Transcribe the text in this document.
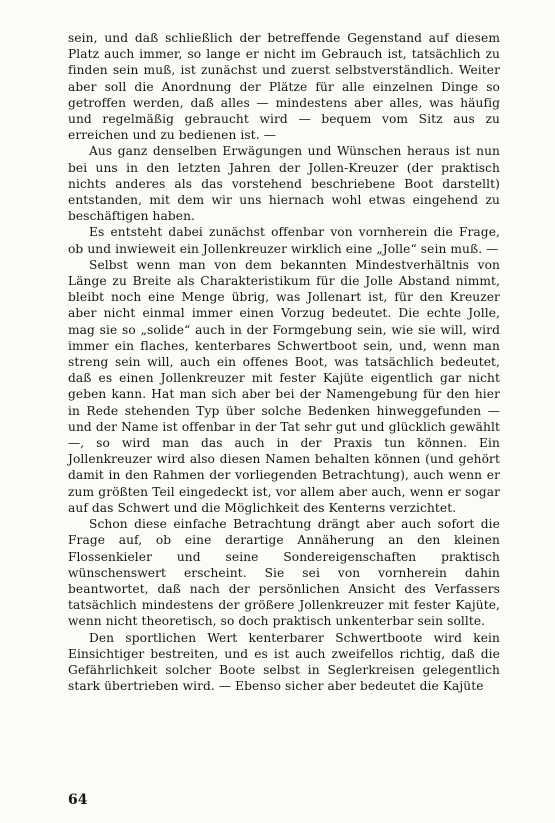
sein, und daß schließlich der betreffende Gegenstand auf diesem Platz auch immer, so lange er nicht im Gebrauch ist, tatsächlich zu finden sein muß, ist zunächst und zuerst selbstverständlich. Weiter aber soll die Anordnung der Plätze für alle einzelnen Dinge so getroffen werden, daß alles — mindestens aber alles, was häufig und regelmäßig gebraucht wird — bequem vom Sitz aus zu erreichen und zu bedienen ist. —

Aus ganz denselben Erwägungen und Wünschen heraus ist nun bei uns in den letzten Jahren der Jollen-Kreuzer (der praktisch nichts anderes als das vorstehend beschriebene Boot darstellt) entstanden, mit dem wir uns hiernach wohl etwas eingehend zu beschäftigen haben.

Es entsteht dabei zunächst offenbar von vornherein die Frage, ob und inwieweit ein Jollenkreuzer wirklich eine „Jolle“ sein muß. —

Selbst wenn man von dem bekannten Mindestverhältnis von Länge zu Breite als Charakteristikum für die Jolle Abstand nimmt, bleibt noch eine Menge übrig, was Jollenart ist, für den Kreuzer aber nicht einmal immer einen Vorzug bedeutet. Die echte Jolle, mag sie so „solide“ auch in der Formgebung sein, wie sie will, wird immer ein flaches, kenterbares Schwertboot sein, und, wenn man streng sein will, auch ein offenes Boot, was tatsächlich bedeutet, daß es einen Jollenkreuzer mit fester Kajüte eigentlich gar nicht geben kann. Hat man sich aber bei der Namengebung für den hier in Rede stehenden Typ über solche Bedenken hinweggefunden — und der Name ist offenbar in der Tat sehr gut und glücklich gewählt —, so wird man das auch in der Praxis tun können. Ein Jollenkreuzer wird also diesen Namen behalten können (und gehört damit in den Rahmen der vorliegenden Betrachtung), auch wenn er zum größten Teil eingedeckt ist, vor allem aber auch, wenn er sogar auf das Schwert und die Möglichkeit des Kenterns verzichtet.

Schon diese einfache Betrachtung drängt aber auch sofort die Frage auf, ob eine derartige Annäherung an den kleinen Flossenkieler und seine Sondereigenschaften praktisch wünschenswert erscheint. Sie sei von vornherein dahin beantwortet, daß nach der persönlichen Ansicht des Verfassers tatsächlich mindestens der größere Jollenkreuzer mit fester Kajüte, wenn nicht theoretisch, so doch praktisch unkenterbar sein sollte.

Den sportlichen Wert kenterbarer Schwertboote wird kein Einsichtiger bestreiten, und es ist auch zweifellos richtig, daß die Gefährlichkeit solcher Boote selbst in Seglerkreisen gelegentlich stark übertrieben wird. — Ebenso sicher aber bedeutet die Kajüte

64
